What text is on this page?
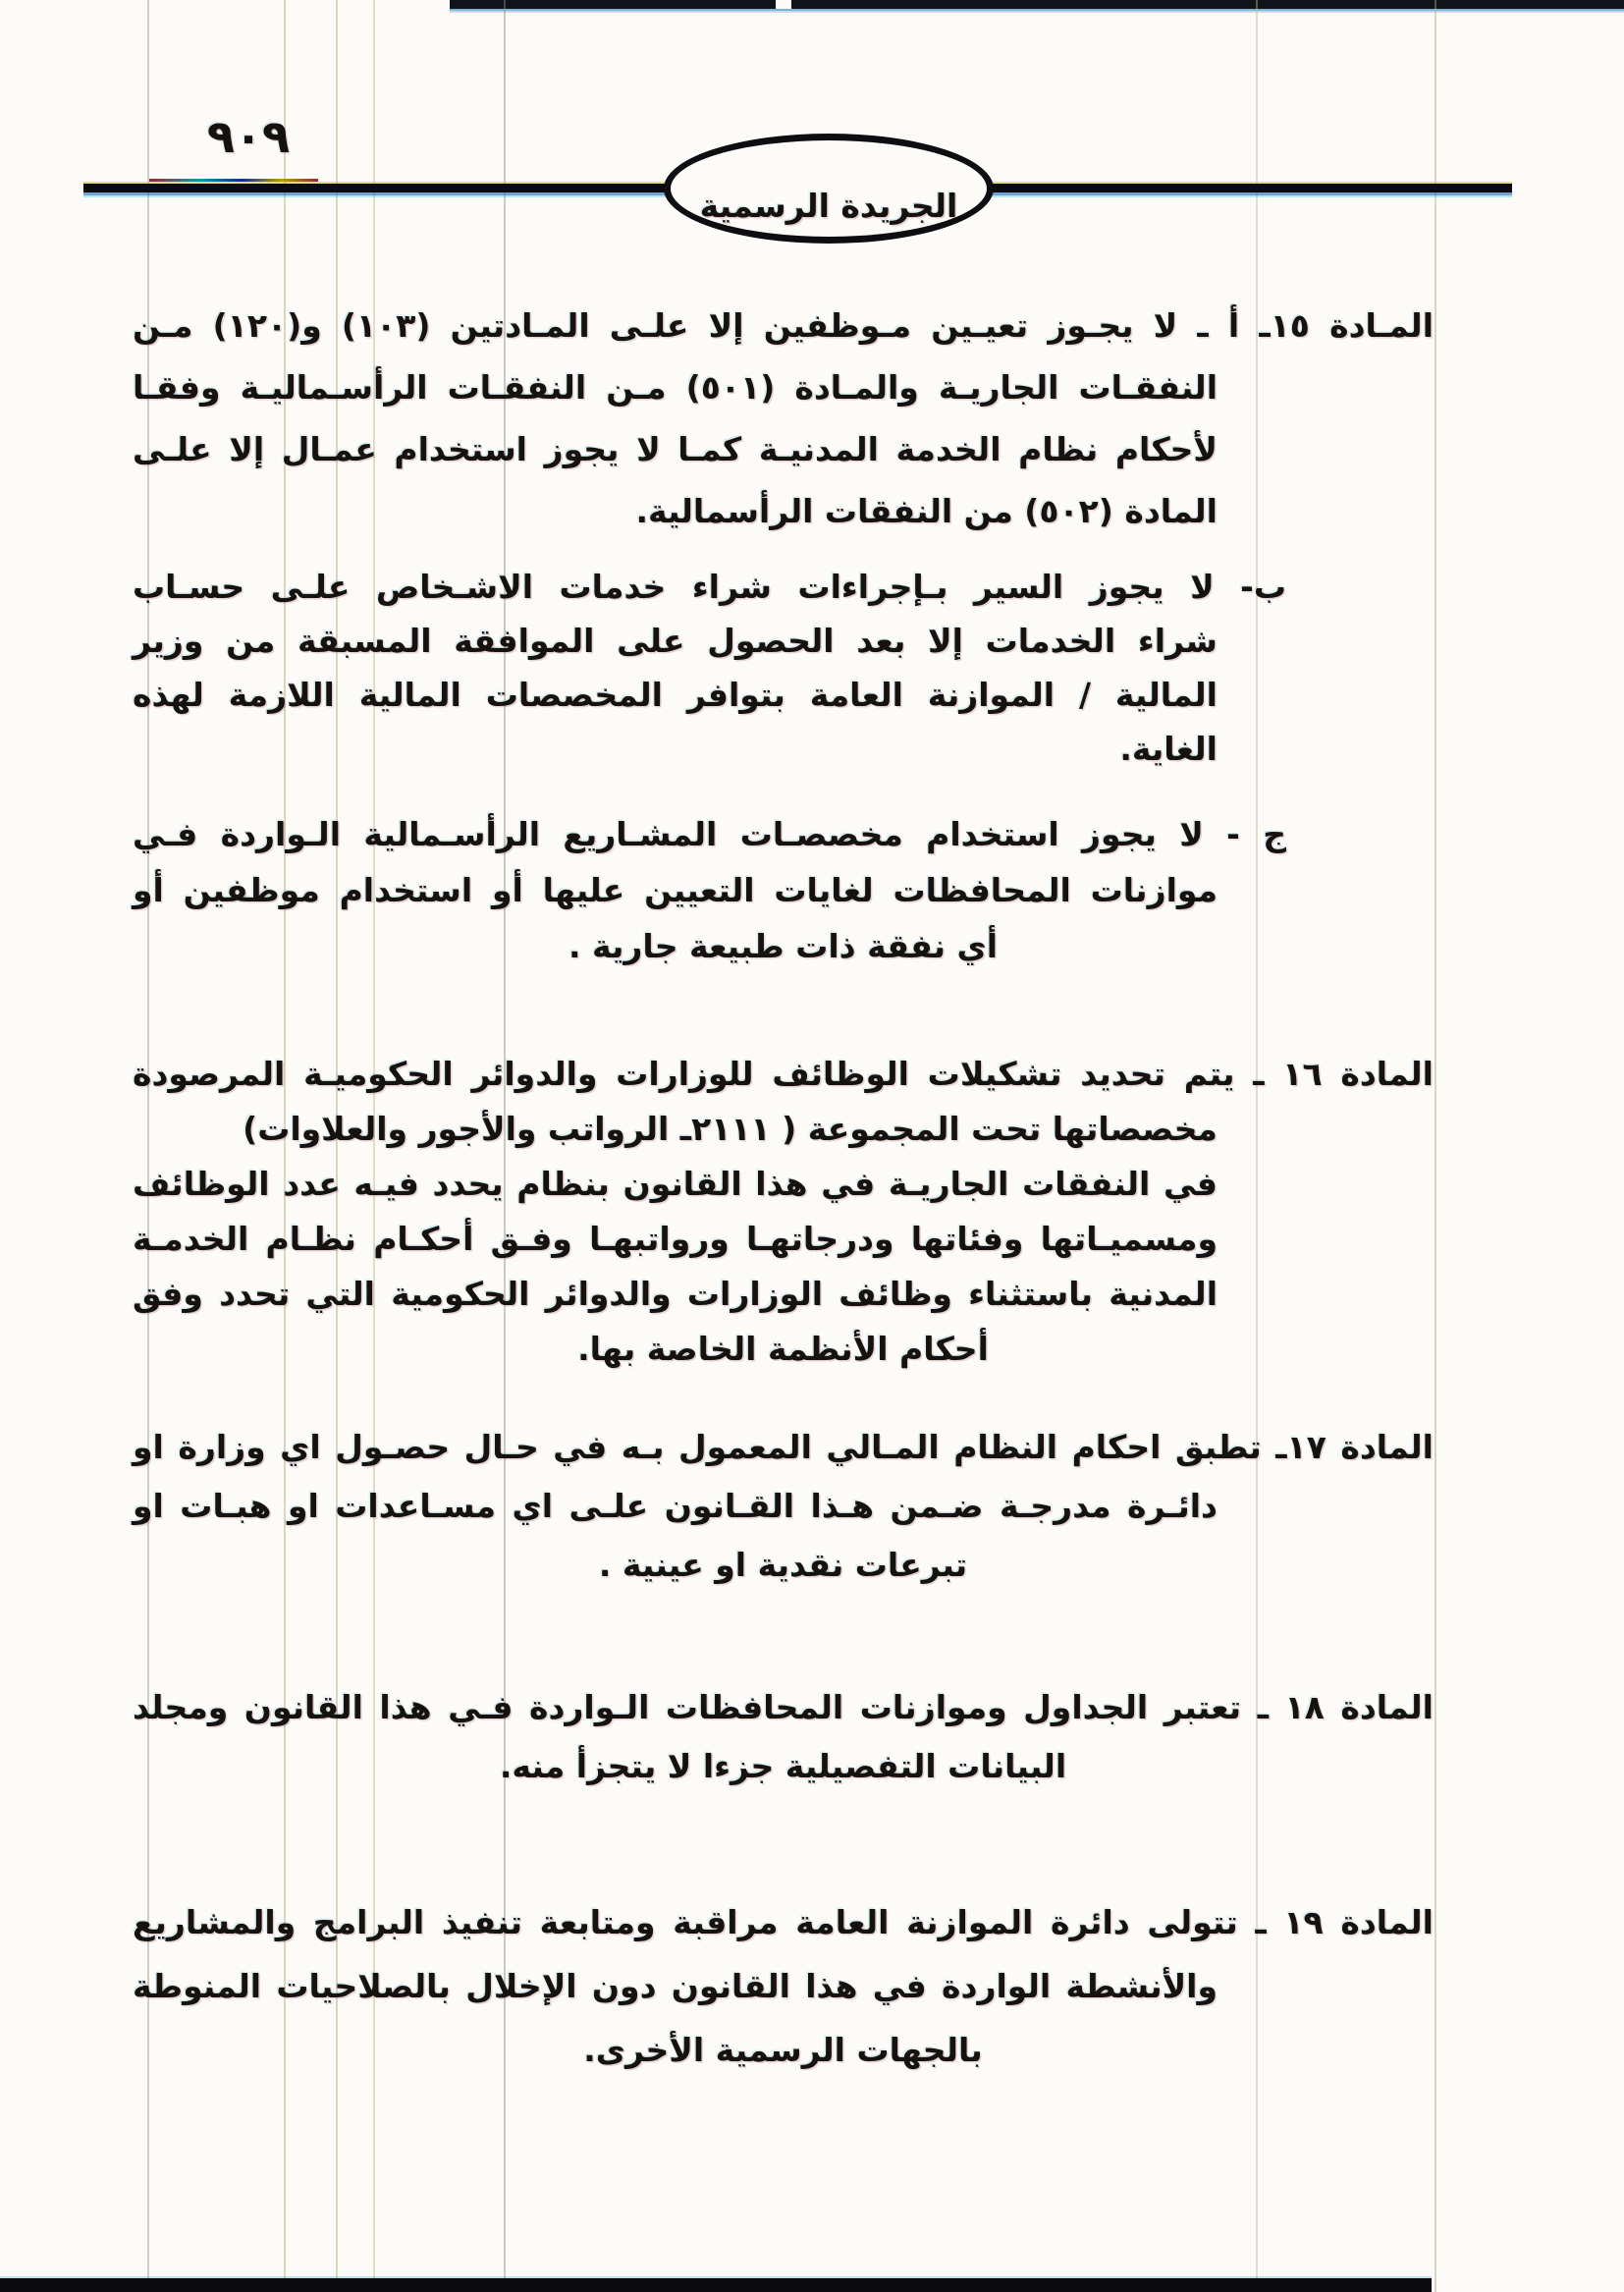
٩٠٩
الجريدة الرسمية
المـادة ١٥ـ أ ـ لا يجـوز تعيـين مـوظفين إلا علـى المـادتين (١٠٣) و(١٢٠) مـن
النفقـات الجاريـة والمـادة (٥٠١) مـن النفقـات الرأسـماليـة وفقـا
لأحكام نظام الخدمة المدنيـة كمـا لا يجوز استخدام عمـال إلا علـى
المادة (٥٠٢) من النفقات الرأسمالية.
ب- لا يجوز السير بـإجراءات شراء خدمات الاشـخاص علـى حسـاب
شراء الخدمات إلا بعد الحصول على الموافقة المسبقة من وزير
المالية / الموازنة العامة بتوافر المخصصات المالية اللازمة لهذه
الغاية.
ج - لا يجوز استخدام مخصصـات المشـاريع الرأسـمالية الـواردة فـي
موازنات المحافظات لغايات التعيين عليها أو استخدام موظفين أو
أي نفقة ذات طبيعة جارية .
المادة ١٦ ـ يتم تحديد تشكيلات الوظائف للوزارات والدوائر الحكوميـة المرصودة
مخصصاتها تحت المجموعة ( ٢١١١ـ الرواتب والأجور والعلاوات)
في النفقات الجاريـة في هذا القانون بنظام يحدد فيـه عدد الوظائف
ومسميـاتها وفئاتها ودرجاتهـا ورواتبهـا وفـق أحكـام نظـام الخدمـة
المدنية باستثناء وظائف الوزارات والدوائر الحكومية التي تحدد وفق
أحكام الأنظمة الخاصة بها.
المادة ١٧ـ تطبق احكام النظام المـالي المعمول بـه في حـال حصـول اي وزارة او
دائـرة مدرجـة ضـمن هـذا القـانون علـى اي مسـاعدات او هبـات او
تبرعات نقدية او عينية .
المادة ١٨ ـ تعتبر الجداول وموازنات المحافظات الـواردة فـي هذا القانون ومجلد
البيانات التفصيلية جزءا لا يتجزأ منه.
المادة ١٩ ـ تتولى دائرة الموازنة العامة مراقبة ومتابعة تنفيذ البرامج والمشاريع
والأنشطة الواردة في هذا القانون دون الإخلال بالصلاحيات المنوطة
بالجهات الرسمية الأخرى.
